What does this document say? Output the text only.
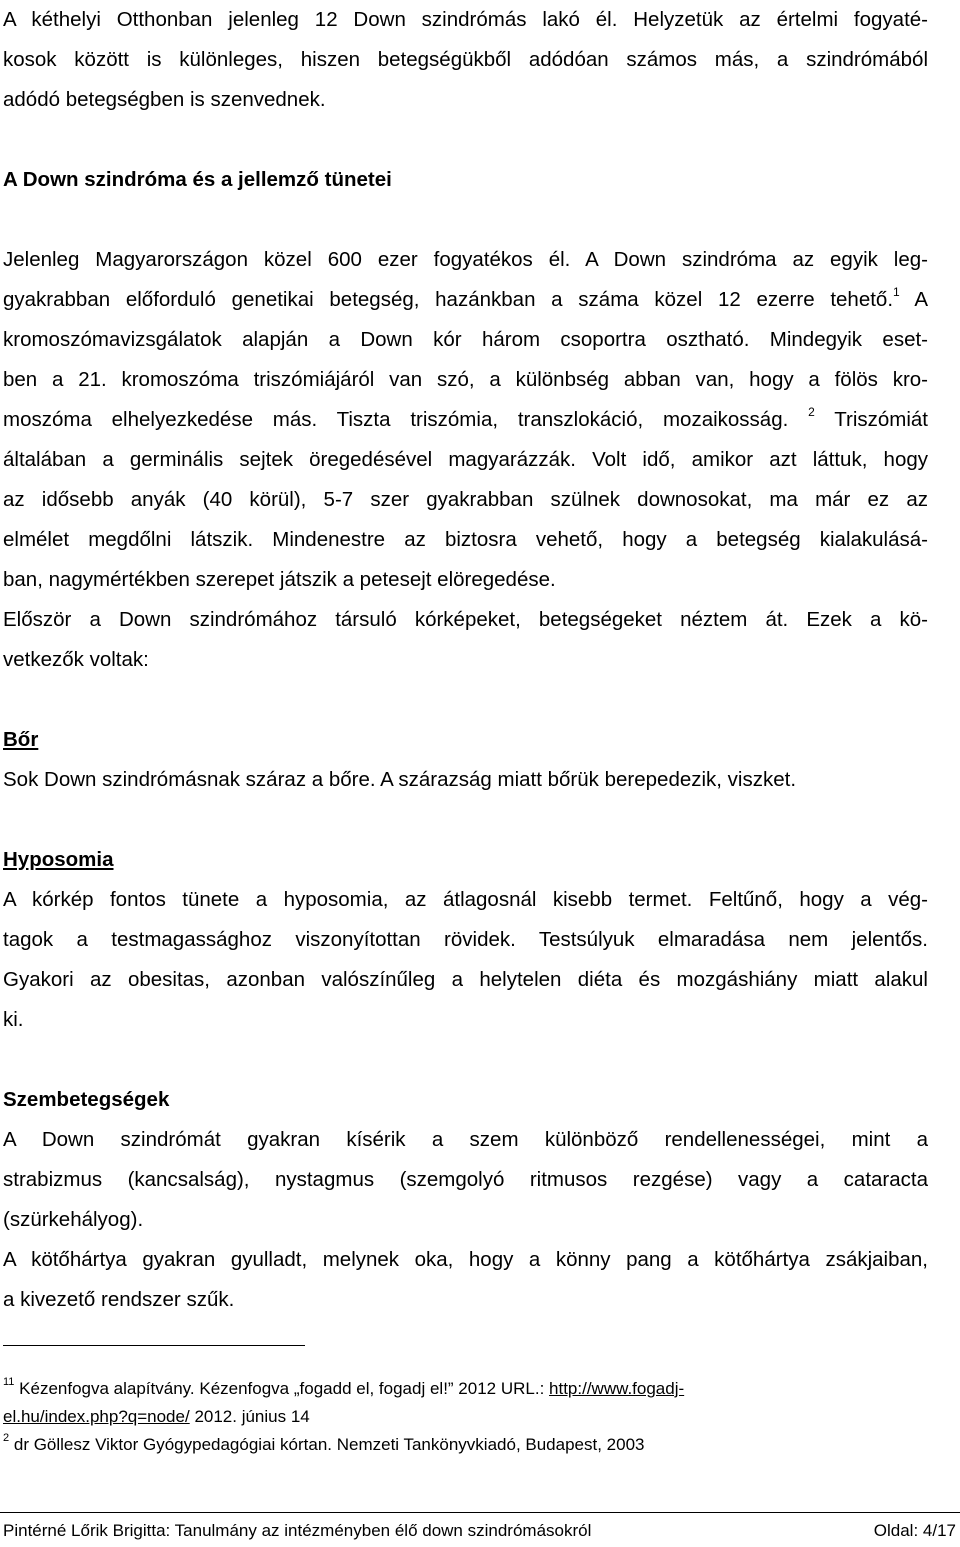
A kéthelyi Otthonban jelenleg 12 Down szindrómás lakó él. Helyzetük az értelmi fogyaté-
kosok között is különleges, hiszen betegségükből adódóan számos más, a szindrómából
adódó betegségben is szenvednek.
A Down szindróma és a jellemző tünetei
Jelenleg Magyarországon közel 600 ezer fogyatékos él. A Down szindróma az egyik leg-
gyakrabban előforduló genetikai betegség, hazánkban a száma közel 12 ezerre tehető.$^1$ A
kromoszómavizsgálatok alapján a Down kór három csoportra osztható. Mindegyik eset-
ben a 21. kromoszóma triszómiájáról van szó, a különbség abban van, hogy a fölös kro-
moszóma elhelyezkedése más. Tiszta triszómia, transzlokáció, mozaikosság. $^2$ Triszómiát
általában a germinális sejtek öregedésével magyarázzák. Volt idő, amikor azt láttuk, hogy
az idősebb anyák (40 körül), 5-7 szer gyakrabban szülnek downosokat, ma már ez az
elmélet megdőlni látszik. Mindenestre az biztosra vehető, hogy a betegség kialakulásá-
ban, nagymértékben szerepet játszik a petesejt elöregedése.
Először a Down szindrómához társuló kórképeket, betegségeket néztem át. Ezek a kö-
vetkezők voltak:
Bőr
Sok Down szindrómásnak száraz a bőre. A szárazság miatt bőrük berepedezik, viszket.
Hyposomia
A kórkép fontos tünete a hyposomia, az átlagosnál kisebb termet. Feltűnő, hogy a vég-
tagok a testmagassághoz viszonyítottan rövidek. Testsúlyuk elmaradása nem jelentős.
Gyakori az obesitas, azonban valószínűleg a helytelen diéta és mozgáshiány miatt alakul
ki.
Szembetegségek
A Down szindrómát gyakran kísérik a szem különböző rendellenességei, mint a
strabizmus (kancsalság), nystagmus (szemgolyó ritmusos rezgése) vagy a cataracta
(szürkehályog).
A kötőhártya gyakran gyulladt, melynek oka, hogy a könny pang a kötőhártya zsákjaiban,
a kivezető rendszer szűk.
$^{11}$ Kézenfogva alapítvány. Kézenfogva „fogadd el, fogadj el!” 2012 URL.: http://www.fogadj-
el.hu/index.php?q=node/ 2012. június 14
$^2$ dr Göllesz Viktor Gyógypedagógiai kórtan. Nemzeti Tankönyvkiadó, Budapest, 2003
Pintérné Lőrik Brigitta: Tanulmány az intézményben élő down szindrómásokról	Oldal: 4/17
